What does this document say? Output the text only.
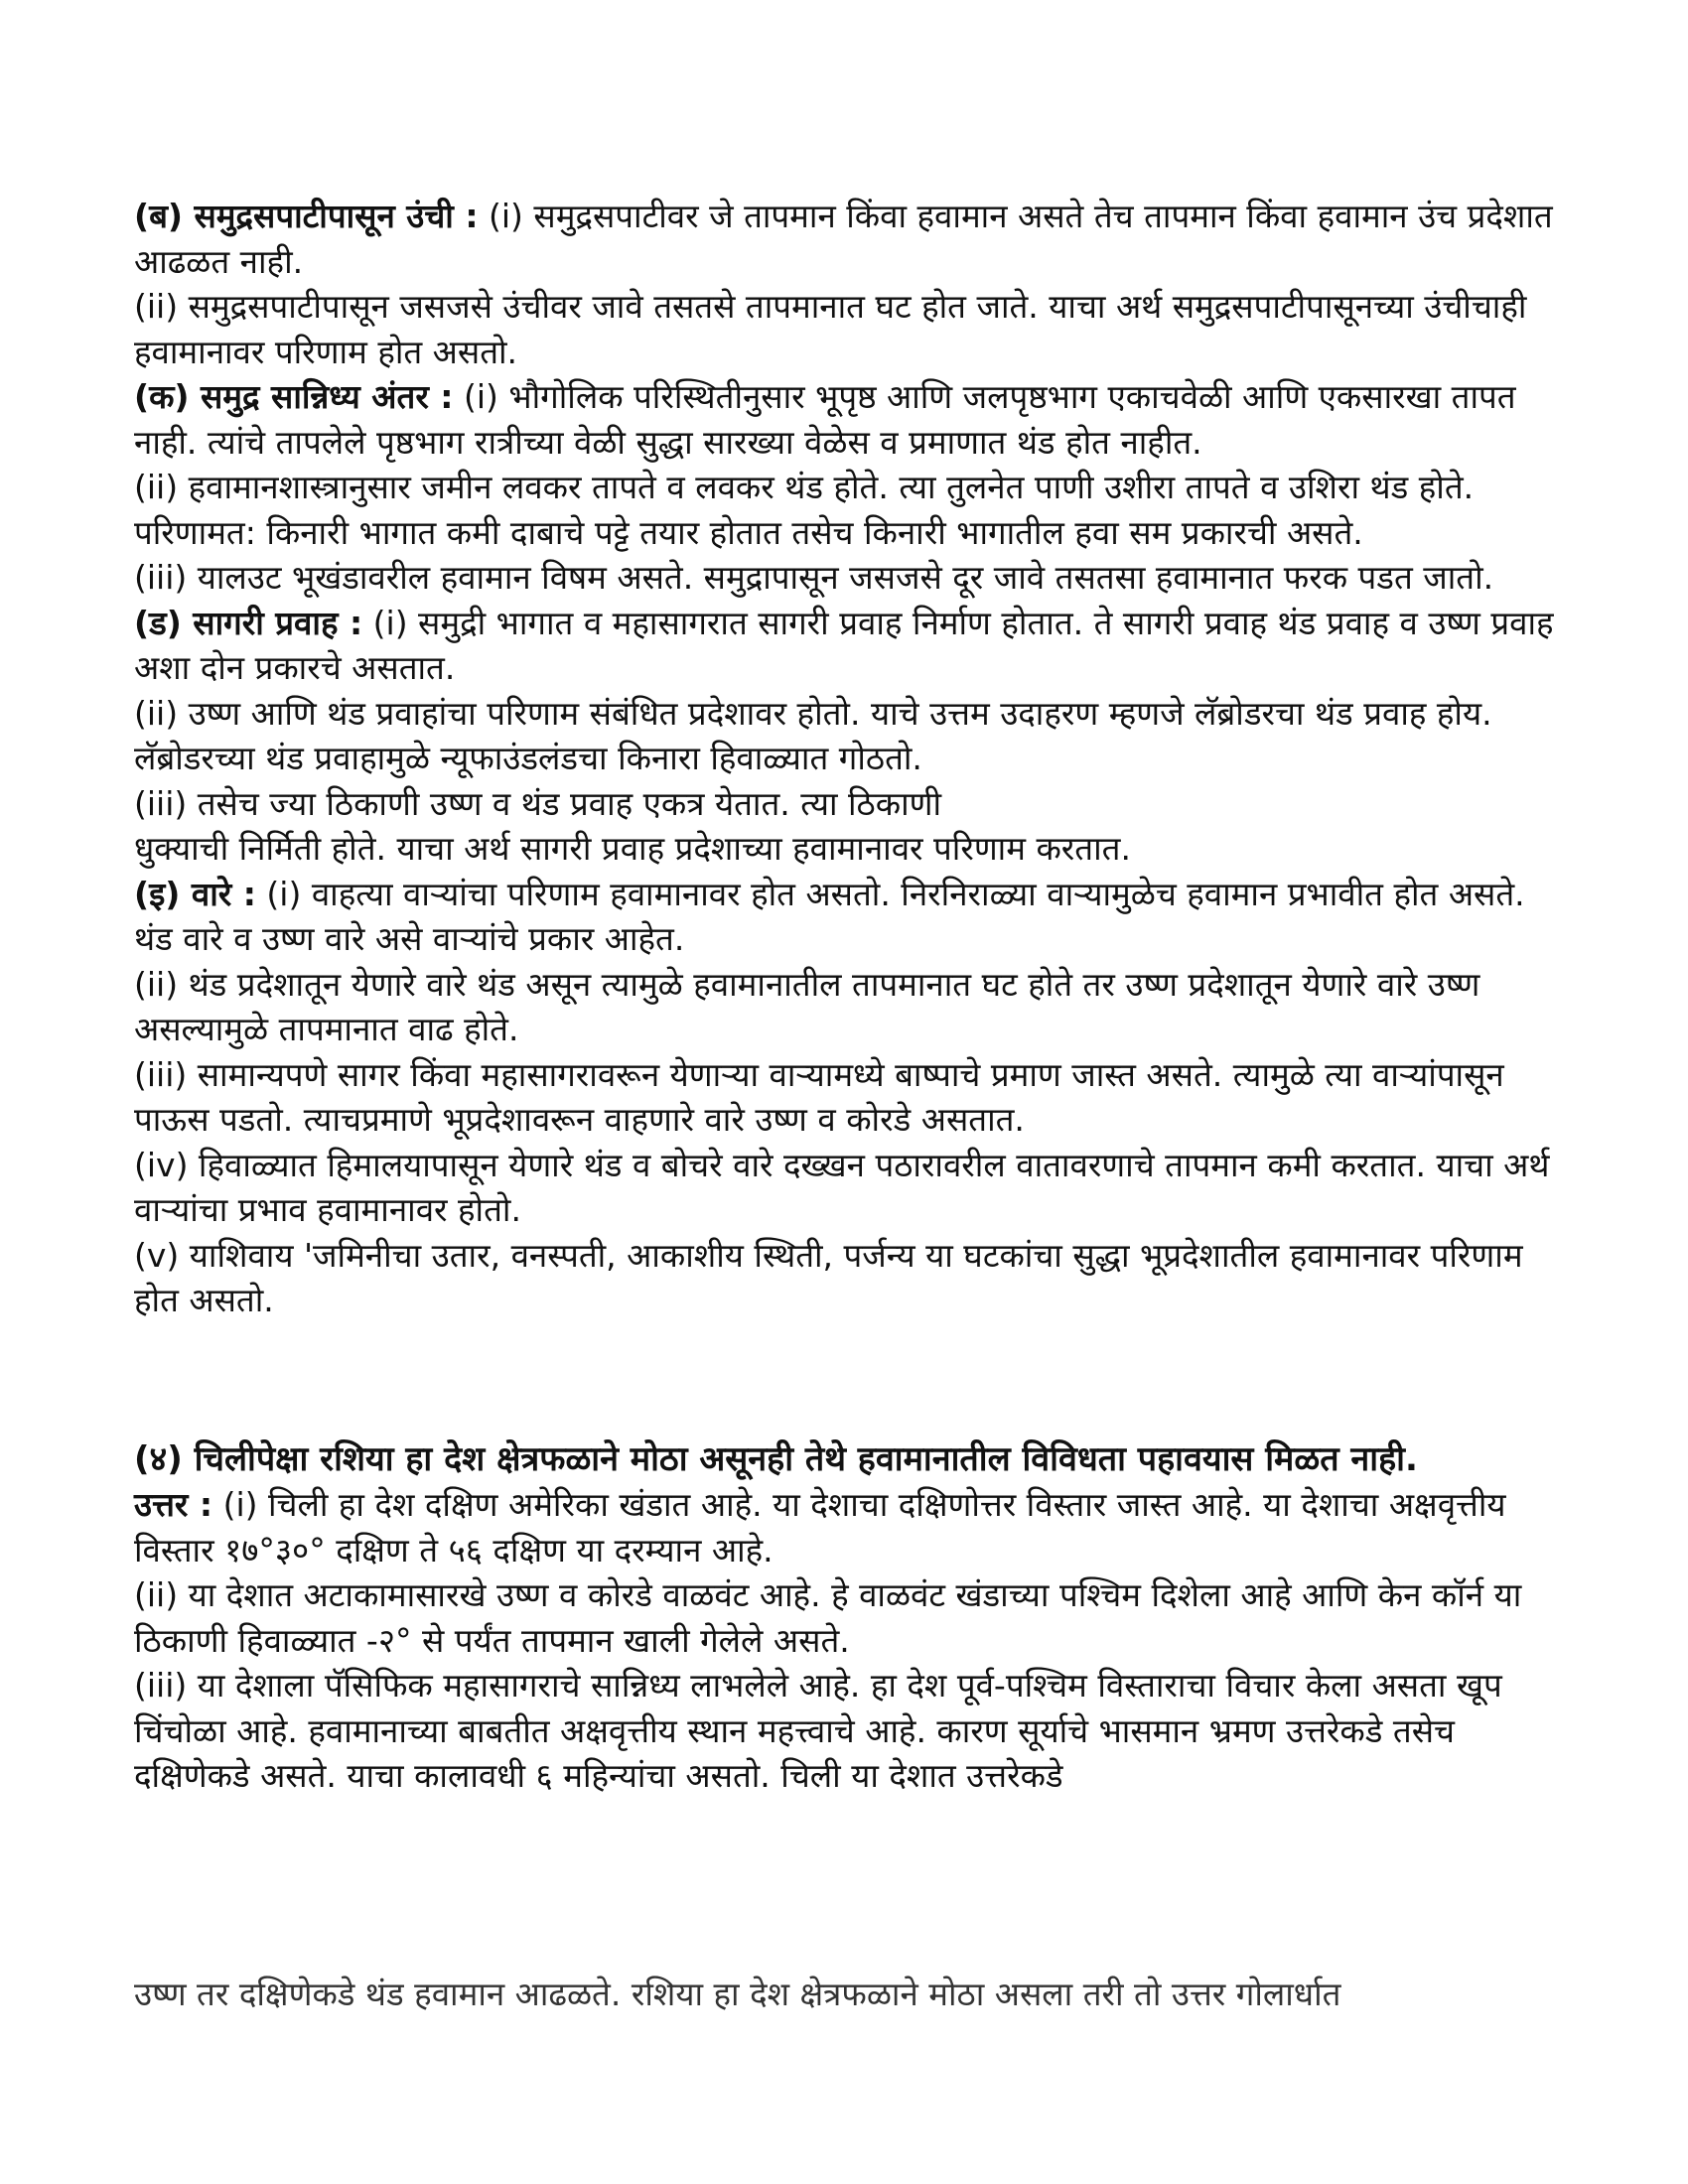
(ब) समुद्रसपाटीपासून उंची : (i) समुद्रसपाटीवर जे तापमान किंवा हवामान असते तेच तापमान किंवा हवामान उंच प्रदेशात आढळत नाही.

(ii) समुद्रसपाटीपासून जसजसे उंचीवर जावे तसतसे तापमानात घट होत जाते. याचा अर्थ समुद्रसपाटीपासूनच्या उंचीचाही हवामानावर परिणाम होत असतो.

(क) समुद्र सान्निध्य अंतर : (i) भौगोलिक परिस्थितीनुसार भूपृष्ठ आणि जलपृष्ठभाग एकाचवेळी आणि एकसारखा तापत नाही. त्यांचे तापलेले पृष्ठभाग रात्रीच्या वेळी सुद्धा सारख्या वेळेस व प्रमाणात थंड होत नाहीत.

(ii) हवामानशास्त्रानुसार जमीन लवकर तापते व लवकर थंड होते. त्या तुलनेत पाणी उशीरा तापते व उशिरा थंड होते. परिणामत: किनारी भागात कमी दाबाचे पट्टे तयार होतात तसेच किनारी भागातील हवा सम प्रकारची असते.

(iii) यालउट भूखंडावरील हवामान विषम असते. समुद्रापासून जसजसे दूर जावे तसतसा हवामानात फरक पडत जातो.

(ड) सागरी प्रवाह : (i) समुद्री भागात व महासागरात सागरी प्रवाह निर्माण होतात. ते सागरी प्रवाह थंड प्रवाह व उष्ण प्रवाह अशा दोन प्रकारचे असतात.

(ii) उष्ण आणि थंड प्रवाहांचा परिणाम संबंधित प्रदेशावर होतो. याचे उत्तम उदाहरण म्हणजे लॅब्रोडरचा थंड प्रवाह होय. लॅब्रोडरच्या थंड प्रवाहामुळे न्यूफाउंडलंडचा किनारा हिवाळ्यात गोठतो.

(iii) तसेच ज्या ठिकाणी उष्ण व थंड प्रवाह एकत्र येतात. त्या ठिकाणी

धुक्याची निर्मिती होते. याचा अर्थ सागरी प्रवाह प्रदेशाच्या हवामानावर परिणाम करतात.

(इ) वारे : (i) वाहत्या वाऱ्यांचा परिणाम हवामानावर होत असतो. निरनिराळ्या वाऱ्यामुळेच हवामान प्रभावीत होत असते. थंड वारे व उष्ण वारे असे वाऱ्यांचे प्रकार आहेत.

(ii) थंड प्रदेशातून येणारे वारे थंड असून त्यामुळे हवामानातील तापमानात घट होते तर उष्ण प्रदेशातून येणारे वारे उष्ण असल्यामुळे तापमानात वाढ होते.

(iii) सामान्यपणे सागर किंवा महासागरावरून येणाऱ्या वाऱ्यामध्ये बाष्पाचे प्रमाण जास्त असते. त्यामुळे त्या वाऱ्यांपासून पाऊस पडतो. त्याचप्रमाणे भूप्रदेशावरून वाहणारे वारे उष्ण व कोरडे असतात.

(iv) हिवाळ्यात हिमालयापासून येणारे थंड व बोचरे वारे दख्खन पठारावरील वातावरणाचे तापमान कमी करतात. याचा अर्थ वाऱ्यांचा प्रभाव हवामानावर होतो.

(v) याशिवाय 'जमिनीचा उतार, वनस्पती, आकाशीय स्थिती, पर्जन्य या घटकांचा सुद्धा भूप्रदेशातील हवामानावर परिणाम होत असतो.

(४) चिलीपेक्षा रशिया हा देश क्षेत्रफळाने मोठा असूनही तेथे हवामानातील विविधता पहावयास मिळत नाही.

उत्तर : (i) चिली हा देश दक्षिण अमेरिका खंडात आहे. या देशाचा दक्षिणोत्तर विस्तार जास्त आहे. या देशाचा अक्षवृत्तीय विस्तार १७°३०° दक्षिण ते ५६ दक्षिण या दरम्यान आहे.

(ii) या देशात अटाकामासारखे उष्ण व कोरडे वाळवंट आहे. हे वाळवंट खंडाच्या पश्चिम दिशेला आहे आणि केन कॉर्न या ठिकाणी हिवाळ्यात -२° से पर्यंत तापमान खाली गेलेले असते.

(iii) या देशाला पॅसिफिक महासागराचे सान्निध्य लाभलेले आहे. हा देश पूर्व-पश्चिम विस्ताराचा विचार केला असता खूप चिंचोळा आहे. हवामानाच्या बाबतीत अक्षवृत्तीय स्थान महत्त्वाचे आहे. कारण सूर्याचे भासमान भ्रमण उत्तरेकडे तसेच दक्षिणेकडे असते. याचा कालावधी ६ महिन्यांचा असतो. चिली या देशात उत्तरेकडे

उष्ण तर दक्षिणेकडे थंड हवामान आढळते. रशिया हा देश क्षेत्रफळाने मोठा असला तरी तो उत्तर गोलार्धात
